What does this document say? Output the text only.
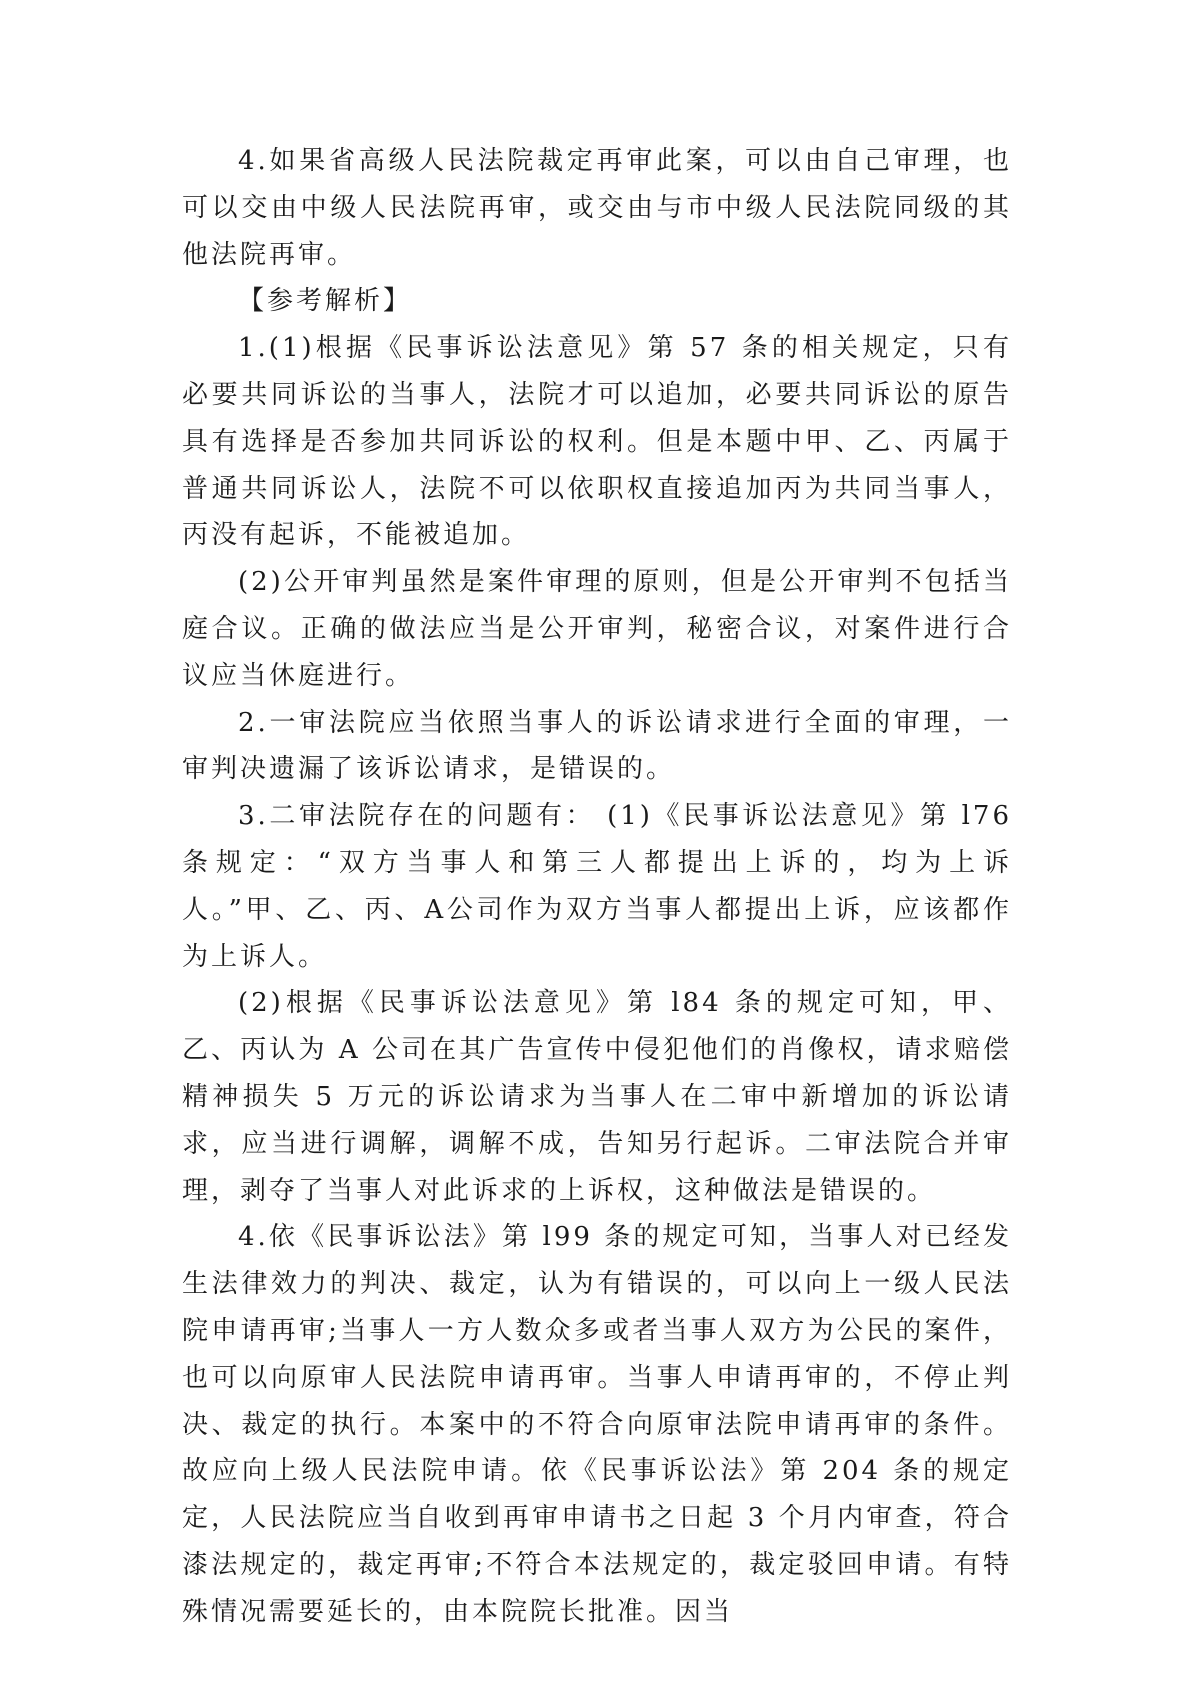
4.如果省高级人民法院裁定再审此案，可以由自己审理，也可以交由中级人民法院再审，或交由与市中级人民法院同级的其他法院再审。

【参考解析】

1.(1)根据《民事诉讼法意见》第 57 条的相关规定，只有必要共同诉讼的当事人，法院才可以追加，必要共同诉讼的原告具有选择是否参加共同诉讼的权利。但是本题中甲、乙、丙属于普通共同诉讼人，法院不可以依职权直接追加丙为共同当事人，丙没有起诉，不能被追加。

(2)公开审判虽然是案件审理的原则，但是公开审判不包括当庭合议。正确的做法应当是公开审判，秘密合议，对案件进行合议应当休庭进行。

2.一审法院应当依照当事人的诉讼请求进行全面的审理，一审判决遗漏了该诉讼请求，是错误的。

3.二审法院存在的问题有： (1)《民事诉讼法意见》第 l76 条规定：“双方当事人和第三人都提出上诉的，均为上诉人。”甲、乙、丙、A公司作为双方当事人都提出上诉，应该都作为上诉人。

(2)根据《民事诉讼法意见》第 l84 条的规定可知，甲、乙、丙认为 A 公司在其广告宣传中侵犯他们的肖像权，请求赔偿精神损失 5 万元的诉讼请求为当事人在二审中新增加的诉讼请求，应当进行调解，调解不成，告知另行起诉。二审法院合并审理，剥夺了当事人对此诉求的上诉权，这种做法是错误的。

4.依《民事诉讼法》第 l99 条的规定可知，当事人对已经发生法律效力的判决、裁定，认为有错误的，可以向上一级人民法院申请再审;当事人一方人数众多或者当事人双方为公民的案件，也可以向原审人民法院申请再审。当事人申请再审的，不停止判决、裁定的执行。本案中的不符合向原审法院申请再审的条件。故应向上级人民法院申请。依《民事诉讼法》第 204 条的规定定，人民法院应当自收到再审申请书之日起 3 个月内审查，符合漆法规定的，裁定再审;不符合本法规定的，裁定驳回申请。有特殊情况需要延长的，由本院院长批准。因当
